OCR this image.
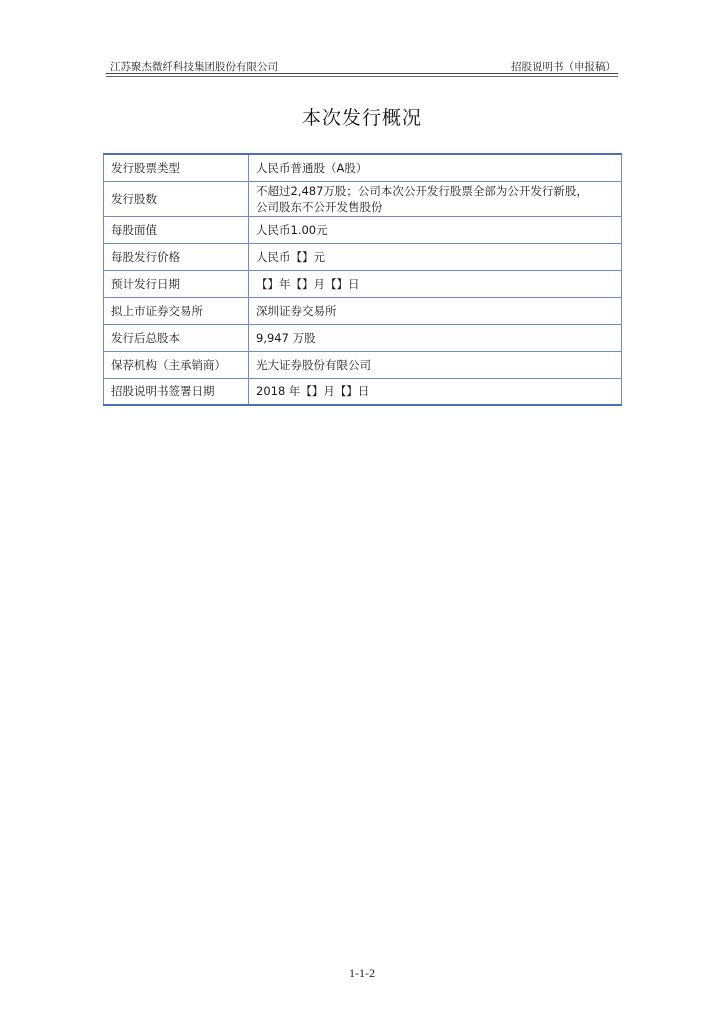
江苏聚杰微纤科技集团股份有限公司	招股说明书（申报稿）
本次发行概况
发行股票类型	人民币普通股（A股）
发行股数	不超过2,487万股；公司本次公开发行股票全部为公开发行新股，
公司股东不公开发售股份

每股面值	人民币1.00元
每股发行价格	人民币【】元
预计发行日期	【】年【】月【】日
拟上市证券交易所	深圳证券交易所
发行后总股本	9,947 万股
保荐机构（主承销商）	光大证券股份有限公司
招股说明书签署日期	2018 年【】月【】日
1-1-2
